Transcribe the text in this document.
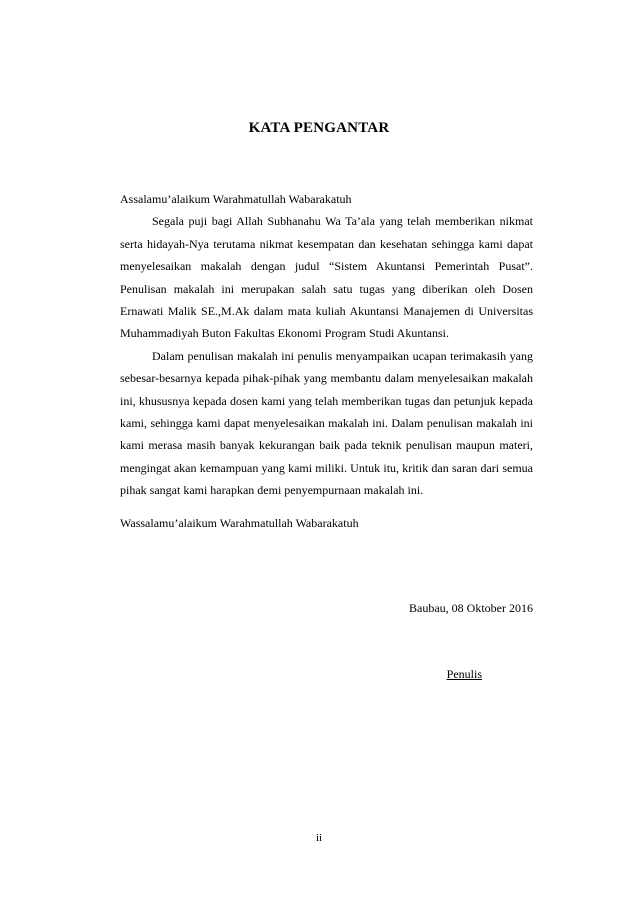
KATA PENGANTAR

Assalamu’alaikum Warahmatullah Wabarakatuh

Segala puji bagi Allah Subhanahu Wa Ta’ala yang telah memberikan nikmat serta hidayah-Nya terutama nikmat kesempatan dan kesehatan sehingga kami dapat menyelesaikan makalah dengan judul “Sistem Akuntansi Pemerintah Pusat”. Penulisan makalah ini merupakan salah satu tugas yang diberikan oleh Dosen Ernawati Malik SE.,M.Ak dalam mata kuliah Akuntansi Manajemen di Universitas Muhammadiyah Buton Fakultas Ekonomi Program Studi Akuntansi.

Dalam penulisan makalah ini penulis menyampaikan ucapan terimakasih yang sebesar-besarnya kepada pihak-pihak yang membantu dalam menyelesaikan makalah ini, khususnya kepada dosen kami yang telah memberikan tugas dan petunjuk kepada kami, sehingga kami dapat menyelesaikan makalah ini. Dalam penulisan makalah ini kami merasa masih banyak kekurangan baik pada teknik penulisan maupun materi, mengingat akan kemampuan yang kami miliki. Untuk itu, kritik dan saran dari semua pihak sangat kami harapkan demi penyempurnaan makalah ini.

Wassalamu’alaikum Warahmatullah Wabarakatuh

Baubau, 08 Oktober 2016
Penulis
ii
